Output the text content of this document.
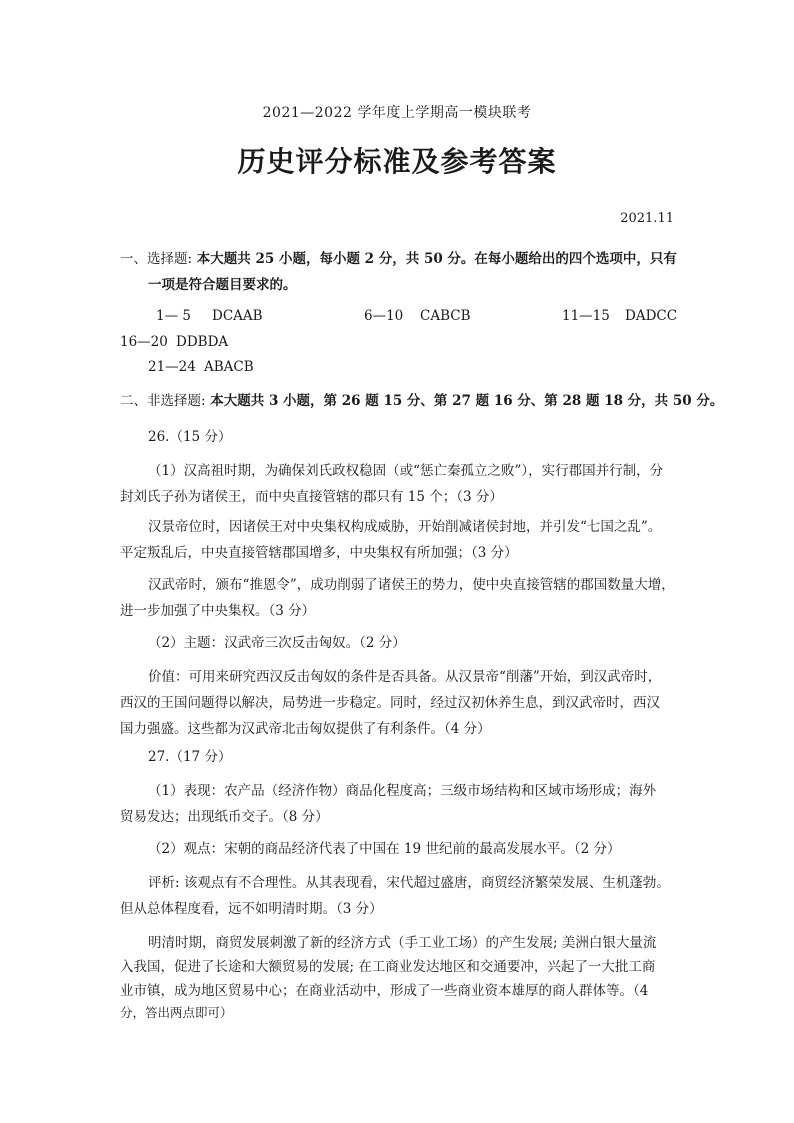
2021—2022 学年度上学期高一模块联考
历史评分标准及参考答案
2021.11
一、选择题: 本大题共 25 小题，每小题 2 分，共 50 分。在每小题给出的四个选项中，只有
一项是符合题目要求的。
1— 5 DCAAB	6—10 CABCB	11—15 DADCC
16—20 DDBDA
21—24 ABACB
二、非选择题: 本大题共 3 小题，第 26 题 15 分、第 27 题 16 分、第 28 题 18 分，共 50 分。
26.（15 分）
（1）汉高祖时期，为确保刘氏政权稳固（或“惩亡秦孤立之败”），实行郡国并行制，分
封刘氏子孙为诸侯王，而中央直接管辖的郡只有 15 个；（3 分）
汉景帝位时，因诸侯王对中央集权构成威胁，开始削减诸侯封地，并引发“七国之乱”。
平定叛乱后，中央直接管辖郡国增多，中央集权有所加强；（3 分）
汉武帝时，颁布“推恩令”，成功削弱了诸侯王的势力，使中央直接管辖的郡国数量大增，
进一步加强了中央集权。（3 分）
（2）主题：汉武帝三次反击匈奴。（2 分）
价值：可用来研究西汉反击匈奴的条件是否具备。从汉景帝“削藩”开始，到汉武帝时，
西汉的王国问题得以解决，局势进一步稳定。同时，经过汉初休养生息，到汉武帝时，西汉
国力强盛。这些都为汉武帝北击匈奴提供了有利条件。（4 分）
27.（17 分）
（1）表现：农产品（经济作物）商品化程度高；三级市场结构和区域市场形成；海外
贸易发达；出现纸币交子。（8 分）
（2）观点：宋朝的商品经济代表了中国在 19 世纪前的最高发展水平。（2 分）
评析: 该观点有不合理性。从其表现看，宋代超过盛唐，商贸经济繁荣发展、生机蓬勃。
但从总体程度看，远不如明清时期。（3 分）
明清时期，商贸发展刺激了新的经济方式（手工业工场）的产生发展; 美洲白银大量流
入我国，促进了长途和大额贸易的发展; 在工商业发达地区和交通要冲，兴起了一大批工商
业市镇，成为地区贸易中心；在商业活动中，形成了一些商业资本雄厚的商人群体等。（4
分，答出两点即可）
